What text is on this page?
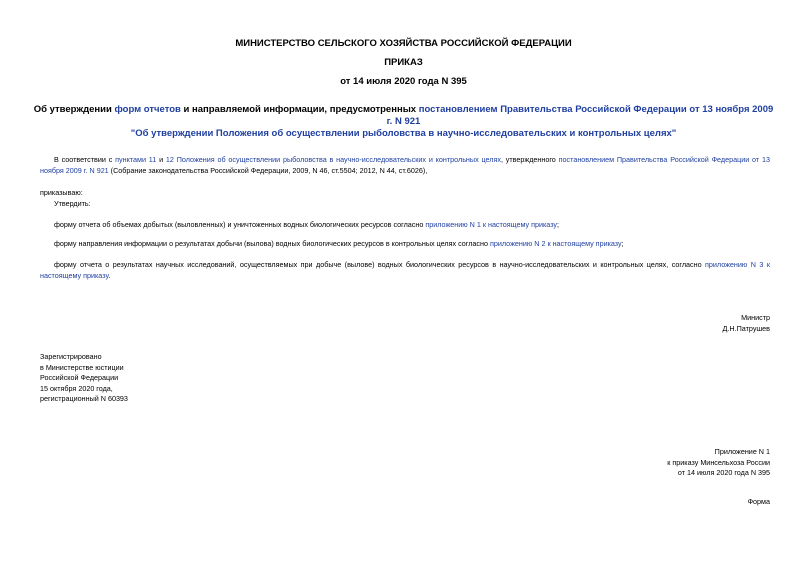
МИНИСТЕРСТВО СЕЛЬСКОГО ХОЗЯЙСТВА РОССИЙСКОЙ ФЕДЕРАЦИИ
ПРИКАЗ
от 14 июля 2020 года N 395
Об утверждении форм отчетов и направляемой информации, предусмотренных постановлением Правительства Российской Федерации от 13 ноября 2009 г. N 921
"Об утверждении Положения об осуществлении рыболовства в научно-исследовательских и контрольных целях"
В соответствии с пунктами 11 и 12 Положения об осуществлении рыболовства в научно-исследовательских и контрольных целях, утвержденного постановлением Правительства Российской Федерации от 13 ноября 2009 г. N 921 (Собрание законодательства Российской Федерации, 2009, N 46, ст.5504; 2012, N 44, ст.6026),
приказываю:
Утвердить:
форму отчета об объемах добытых (выловленных) и уничтоженных водных биологических ресурсов согласно приложению N 1 к настоящему приказу;
форму направления информации о результатах добычи (вылова) водных биологических ресурсов в контрольных целях согласно приложению N 2 к настоящему приказу;
форму отчета о результатах научных исследований, осуществляемых при добыче (вылове) водных биологических ресурсов в научно-исследовательских и контрольных целях, согласно приложению N 3 к настоящему приказу.
Министр
Д.Н.Патрушев
Зарегистрировано
в Министерстве юстиции
Российской Федерации
15 октября 2020 года,
регистрационный N 60393
Приложение N 1
к приказу Минсельхоза России
от 14 июля 2020 года N 395
Форма
